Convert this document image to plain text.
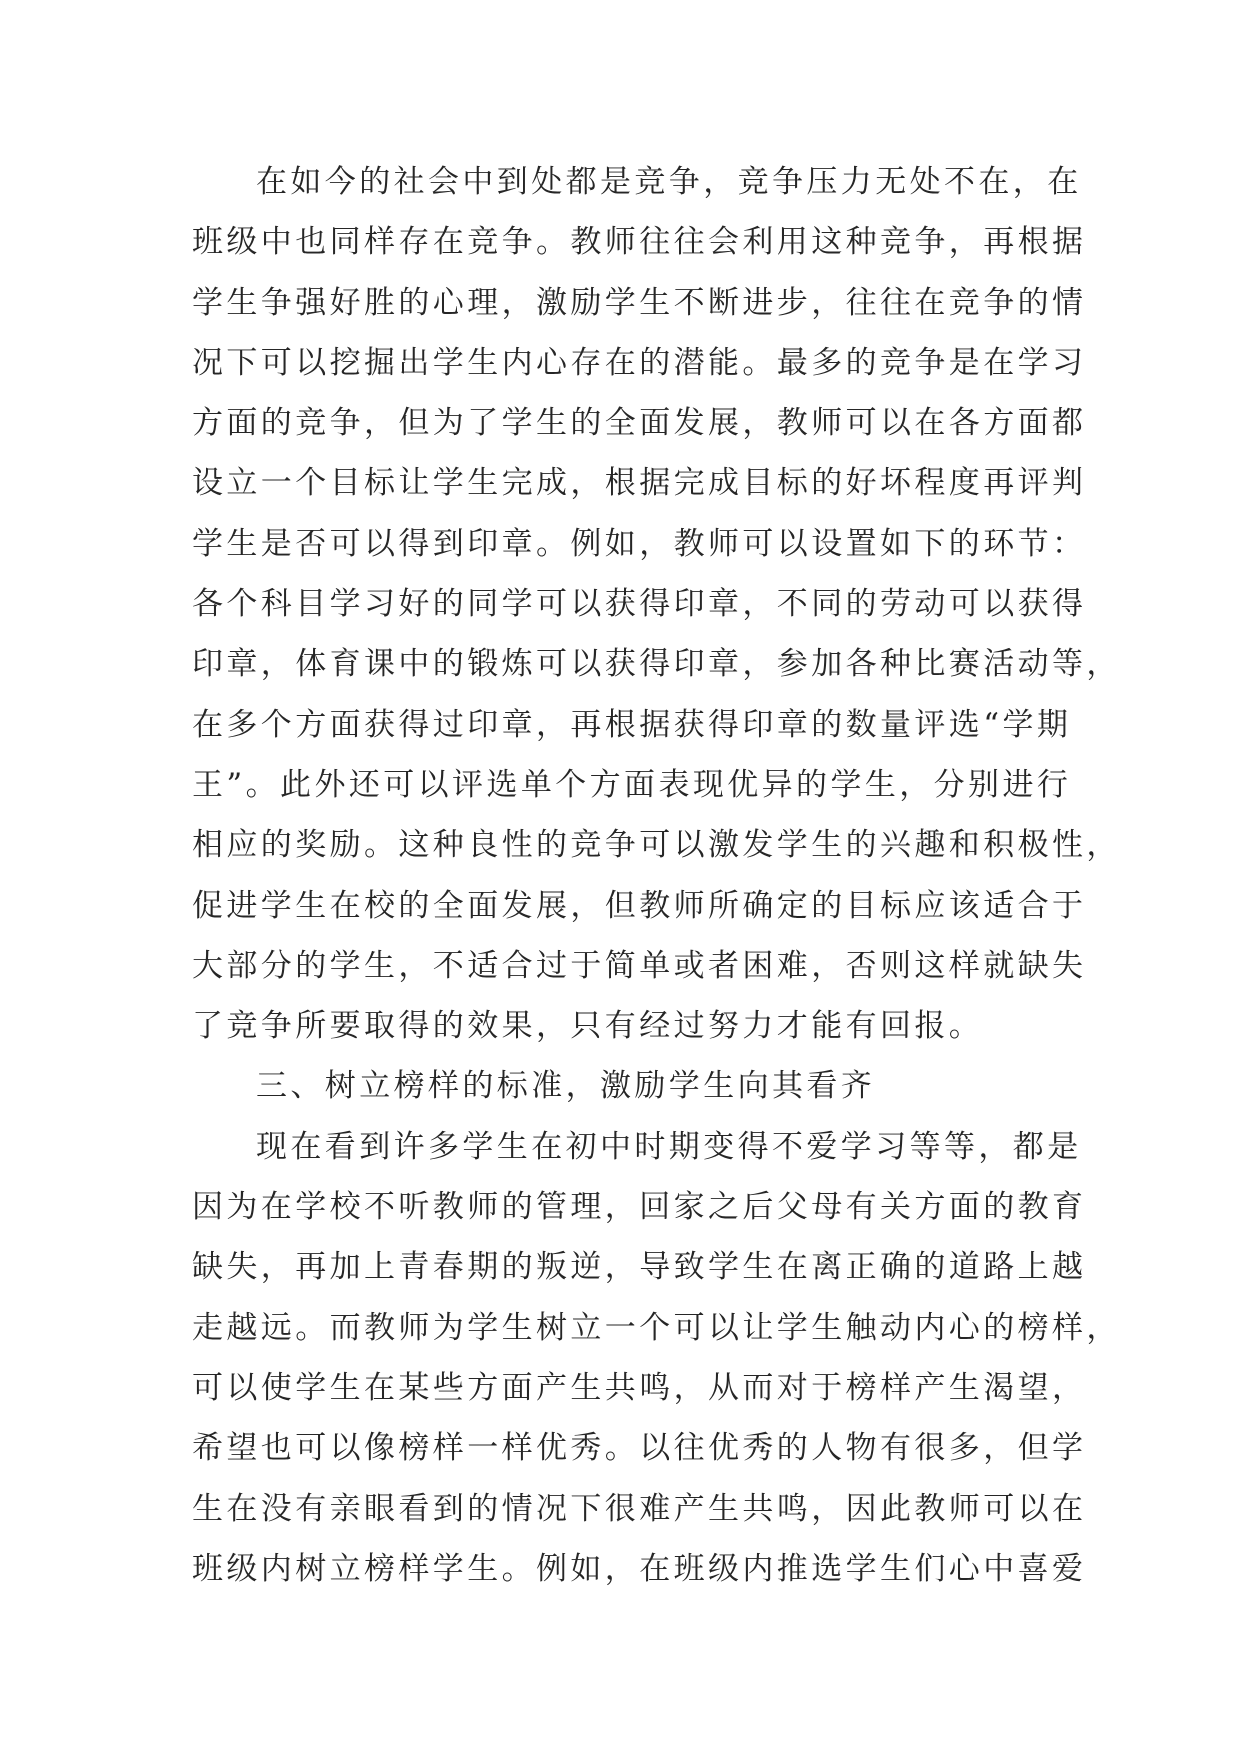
在如今的社会中到处都是竞争，竞争压力无处不在，在
班级中也同样存在竞争。教师往往会利用这种竞争，再根据
学生争强好胜的心理，激励学生不断进步，往往在竞争的情
况下可以挖掘出学生内心存在的潜能。最多的竞争是在学习
方面的竞争，但为了学生的全面发展，教师可以在各方面都
设立一个目标让学生完成，根据完成目标的好坏程度再评判
学生是否可以得到印章。例如，教师可以设置如下的环节：
各个科目学习好的同学可以获得印章，不同的劳动可以获得
印章，体育课中的锻炼可以获得印章，参加各种比赛活动等，
在多个方面获得过印章，再根据获得印章的数量评选“学期
王”。此外还可以评选单个方面表现优异的学生，分别进行
相应的奖励。这种良性的竞争可以激发学生的兴趣和积极性，
促进学生在校的全面发展，但教师所确定的目标应该适合于
大部分的学生，不适合过于简单或者困难，否则这样就缺失
了竞争所要取得的效果，只有经过努力才能有回报。
三、树立榜样的标准，激励学生向其看齐
现在看到许多学生在初中时期变得不爱学习等等，都是
因为在学校不听教师的管理，回家之后父母有关方面的教育
缺失，再加上青春期的叛逆，导致学生在离正确的道路上越
走越远。而教师为学生树立一个可以让学生触动内心的榜样，
可以使学生在某些方面产生共鸣，从而对于榜样产生渴望，
希望也可以像榜样一样优秀。以往优秀的人物有很多，但学
生在没有亲眼看到的情况下很难产生共鸣，因此教师可以在
班级内树立榜样学生。例如，在班级内推选学生们心中喜爱
